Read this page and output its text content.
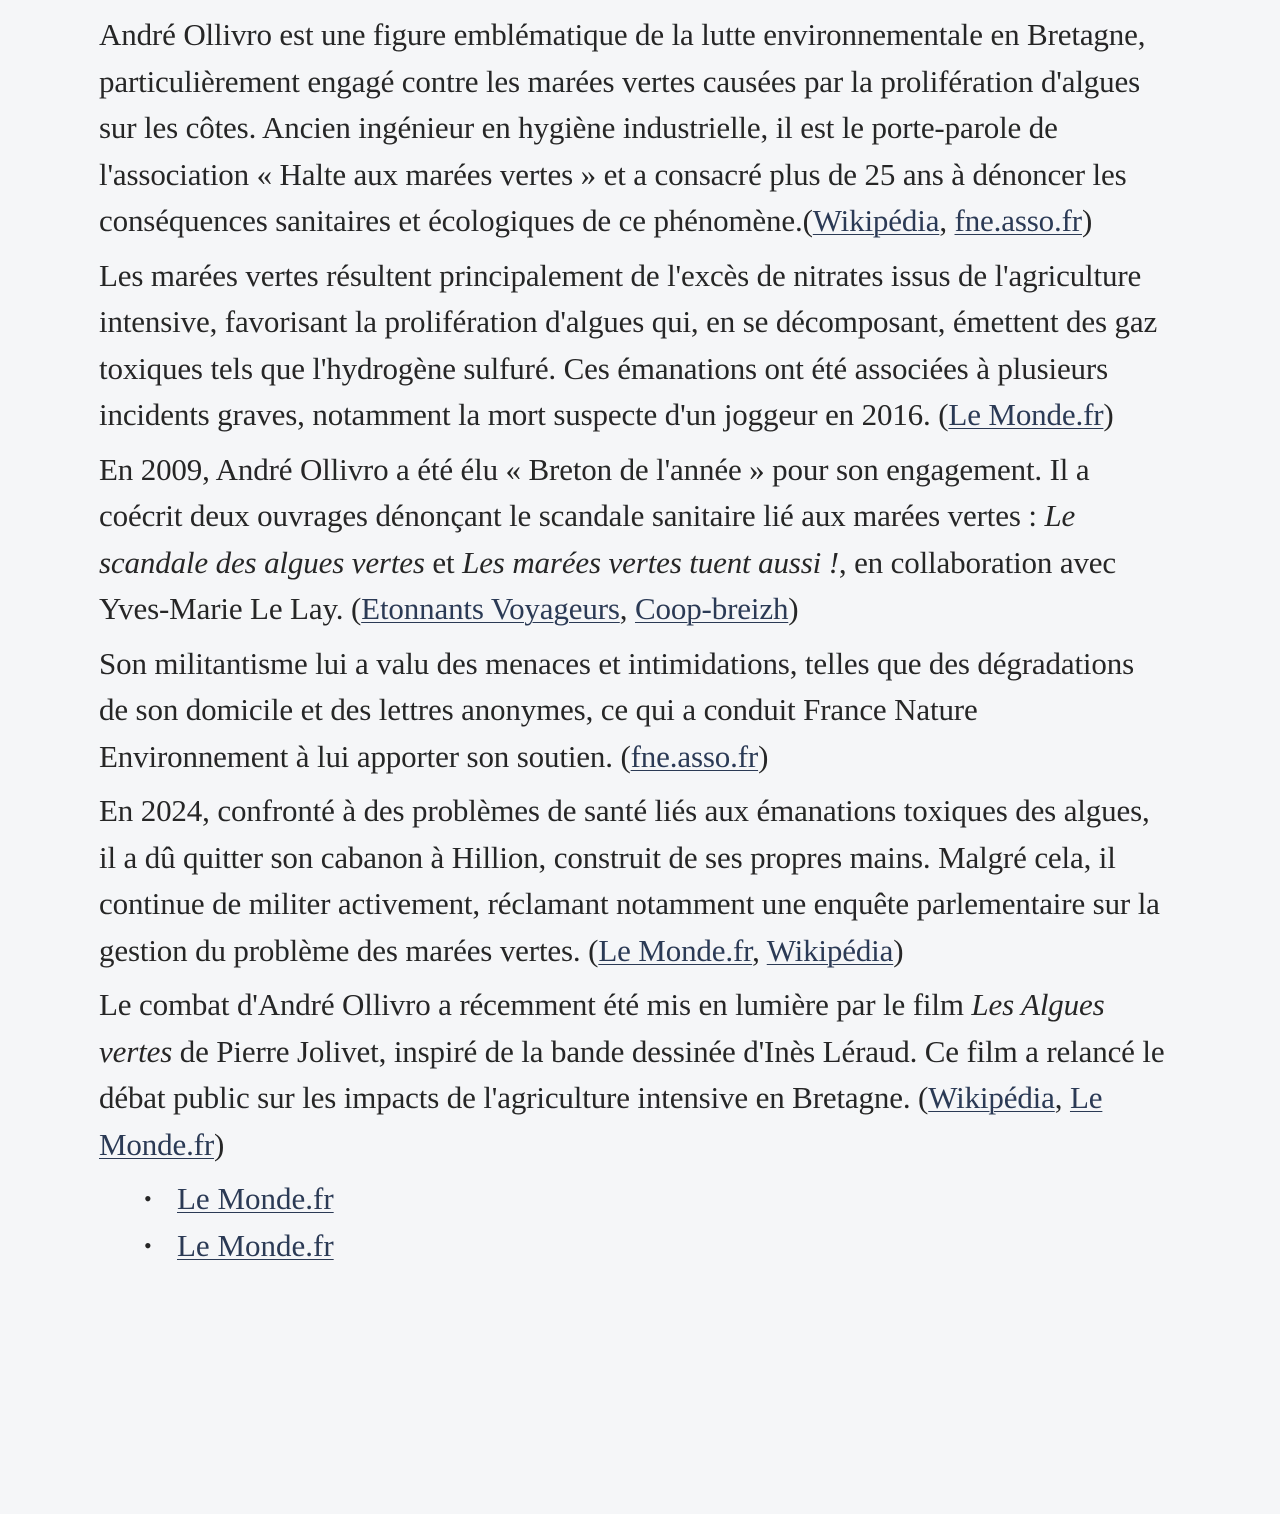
André Ollivro est une figure emblématique de la lutte environnementale en Bretagne, particulièrement engagé contre les marées vertes causées par la prolifération d'algues sur les côtes. Ancien ingénieur en hygiène industrielle, il est le porte-parole de l'association « Halte aux marées vertes » et a consacré plus de 25 ans à dénoncer les conséquences sanitaires et écologiques de ce phénomène.(Wikipédia, fne.asso.fr)

Les marées vertes résultent principalement de l'excès de nitrates issus de l'agriculture intensive, favorisant la prolifération d'algues qui, en se décomposant, émettent des gaz toxiques tels que l'hydrogène sulfuré. Ces émanations ont été associées à plusieurs incidents graves, notamment la mort suspecte d'un joggeur en 2016. (Le Monde.fr)

En 2009, André Ollivro a été élu « Breton de l'année » pour son engagement. Il a coécrit deux ouvrages dénonçant le scandale sanitaire lié aux marées vertes : Le scandale des algues vertes et Les marées vertes tuent aussi !, en collaboration avec Yves-Marie Le Lay. (Etonnants Voyageurs, Coop-breizh)

Son militantisme lui a valu des menaces et intimidations, telles que des dégradations de son domicile et des lettres anonymes, ce qui a conduit France Nature Environnement à lui apporter son soutien. (fne.asso.fr)

En 2024, confronté à des problèmes de santé liés aux émanations toxiques des algues, il a dû quitter son cabanon à Hillion, construit de ses propres mains. Malgré cela, il continue de militer activement, réclamant notamment une enquête parlementaire sur la gestion du problème des marées vertes. (Le Monde.fr, Wikipédia)

Le combat d'André Ollivro a récemment été mis en lumière par le film Les Algues vertes de Pierre Jolivet, inspiré de la bande dessinée d'Inès Léraud. Ce film a relancé le débat public sur les impacts de l'agriculture intensive en Bretagne. (Wikipédia, Le Monde.fr)

• Le Monde.fr
• Le Monde.fr
